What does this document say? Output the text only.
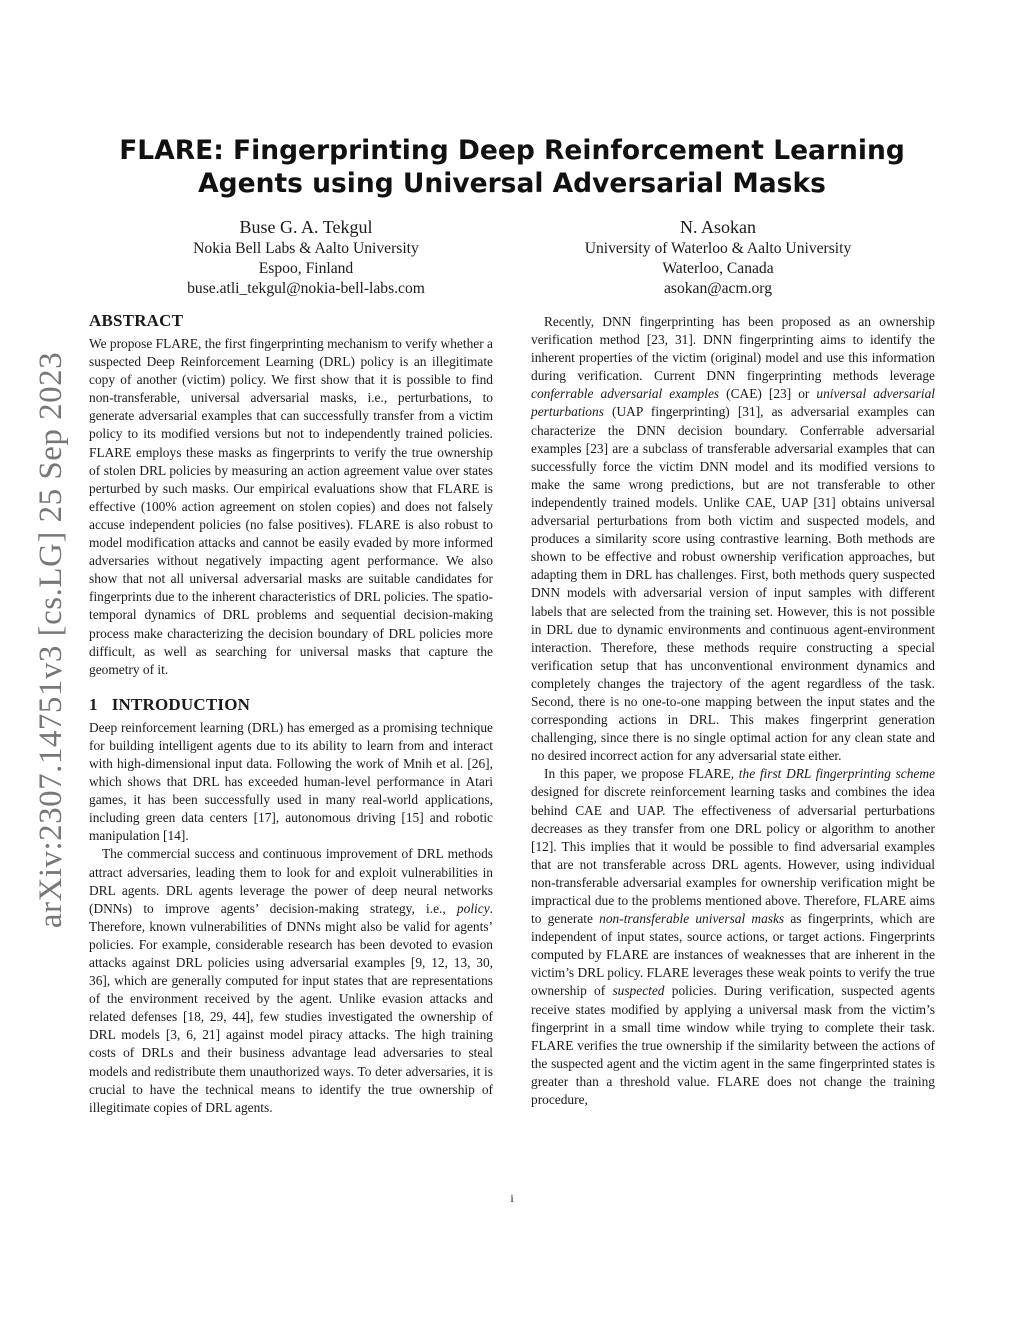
arXiv:2307.14751v3 [cs.LG] 25 Sep 2023
FLARE: Fingerprinting Deep Reinforcement Learning Agents using Universal Adversarial Masks
Buse G. A. Tekgul
Nokia Bell Labs & Aalto University
Espoo, Finland
buse.atli_tekgul@nokia-bell-labs.com
N. Asokan
University of Waterloo & Aalto University
Waterloo, Canada
asokan@acm.org
ABSTRACT

We propose FLARE, the first fingerprinting mechanism to verify whether a suspected Deep Reinforcement Learning (DRL) policy is an illegitimate copy of another (victim) policy. We first show that it is possible to find non-transferable, universal adversarial masks, i.e., perturbations, to generate adversarial examples that can successfully transfer from a victim policy to its modified versions but not to independently trained policies. FLARE employs these masks as fingerprints to verify the true ownership of stolen DRL policies by measuring an action agreement value over states perturbed by such masks. Our empirical evaluations show that FLARE is effective (100% action agreement on stolen copies) and does not falsely accuse independent policies (no false positives). FLARE is also robust to model modification attacks and cannot be easily evaded by more informed adversaries without negatively impacting agent performance. We also show that not all universal adversarial masks are suitable candidates for fingerprints due to the inherent characteristics of DRL policies. The spatio-temporal dynamics of DRL problems and sequential decision-making process make characterizing the decision boundary of DRL policies more difficult, as well as searching for universal masks that capture the geometry of it.

1 INTRODUCTION

Deep reinforcement learning (DRL) has emerged as a promising technique for building intelligent agents due to its ability to learn from and interact with high-dimensional input data. Following the work of Mnih et al. [26], which shows that DRL has exceeded human-level performance in Atari games, it has been successfully used in many real-world applications, including green data centers [17], autonomous driving [15] and robotic manipulation [14].

The commercial success and continuous improvement of DRL methods attract adversaries, leading them to look for and exploit vulnerabilities in DRL agents. DRL agents leverage the power of deep neural networks (DNNs) to improve agents’ decision-making strategy, i.e., policy. Therefore, known vulnerabilities of DNNs might also be valid for agents’ policies. For example, considerable research has been devoted to evasion attacks against DRL policies using adversarial examples [9, 12, 13, 30, 36], which are generally computed for input states that are representations of the environment received by the agent. Unlike evasion attacks and related defenses [18, 29, 44], few studies investigated the ownership of DRL models [3, 6, 21] against model piracy attacks. The high training costs of DRLs and their business advantage lead adversaries to steal models and redistribute them unauthorized ways. To deter adversaries, it is crucial to have the technical means to identify the true ownership of illegitimate copies of DRL agents.

Recently, DNN fingerprinting has been proposed as an ownership verification method [23, 31]. DNN fingerprinting aims to identify the inherent properties of the victim (original) model and use this information during verification. Current DNN fingerprinting methods leverage conferrable adversarial examples (CAE) [23] or universal adversarial perturbations (UAP fingerprinting) [31], as adversarial examples can characterize the DNN decision boundary. Conferrable adversarial examples [23] are a subclass of transferable adversarial examples that can successfully force the victim DNN model and its modified versions to make the same wrong predictions, but are not transferable to other independently trained models. Unlike CAE, UAP [31] obtains universal adversarial perturbations from both victim and suspected models, and produces a similarity score using contrastive learning. Both methods are shown to be effective and robust ownership verification approaches, but adapting them in DRL has challenges. First, both methods query suspected DNN models with adversarial version of input samples with different labels that are selected from the training set. However, this is not possible in DRL due to dynamic environments and continuous agent-environment interaction. Therefore, these methods require constructing a special verification setup that has unconventional environment dynamics and completely changes the trajectory of the agent regardless of the task. Second, there is no one-to-one mapping between the input states and the corresponding actions in DRL. This makes fingerprint generation challenging, since there is no single optimal action for any clean state and no desired incorrect action for any adversarial state either.

In this paper, we propose FLARE, the first DRL fingerprinting scheme designed for discrete reinforcement learning tasks and combines the idea behind CAE and UAP. The effectiveness of adversarial perturbations decreases as they transfer from one DRL policy or algorithm to another [12]. This implies that it would be possible to find adversarial examples that are not transferable across DRL agents. However, using individual non-transferable adversarial examples for ownership verification might be impractical due to the problems mentioned above. Therefore, FLARE aims to generate non-transferable universal masks as fingerprints, which are independent of input states, source actions, or target actions. Fingerprints computed by FLARE are instances of weaknesses that are inherent in the victim’s DRL policy. FLARE leverages these weak points to verify the true ownership of suspected policies. During verification, suspected agents receive states modified by applying a universal mask from the victim’s fingerprint in a small time window while trying to complete their task. FLARE verifies the true ownership if the similarity between the actions of the suspected agent and the victim agent in the same fingerprinted states is greater than a threshold value. FLARE does not change the training procedure,

i
